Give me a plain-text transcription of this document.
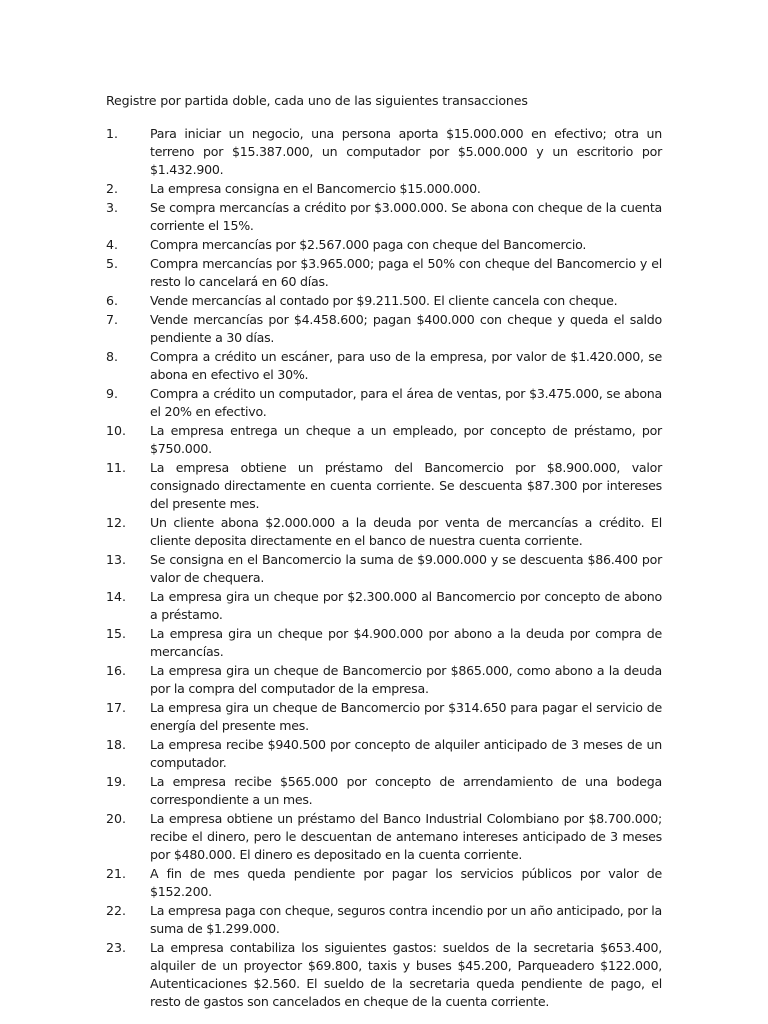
Registre por partida doble, cada uno de las siguientes transacciones
1.	Para iniciar un negocio, una persona aporta $15.000.000 en efectivo; otra un terreno por $15.387.000, un computador por $5.000.000 y un escritorio por $1.432.900.
2.	La empresa consigna en el Bancomercio $15.000.000.
3.	Se compra mercancías a crédito por $3.000.000. Se abona con cheque de la cuenta corriente el 15%.
4.	Compra mercancías por $2.567.000 paga con cheque del Bancomercio.
5.	Compra mercancías por $3.965.000; paga el 50% con cheque del Bancomercio y el resto lo cancelará en 60 días.
6.	Vende mercancías al contado por $9.211.500. El cliente cancela con cheque.
7.	Vende mercancías por $4.458.600; pagan $400.000 con cheque y queda el saldo pendiente a 30 días.
8.	Compra a crédito un escáner, para uso de la empresa, por valor de $1.420.000, se abona en efectivo el 30%.
9.	Compra a crédito un computador, para el área de ventas, por $3.475.000, se abona el 20% en efectivo.
10.	La empresa entrega un cheque a un empleado, por concepto de préstamo, por $750.000.
11.	La empresa obtiene un préstamo del Bancomercio por $8.900.000, valor consignado directamente en cuenta corriente. Se descuenta $87.300 por intereses del presente mes.
12.	Un cliente abona $2.000.000 a la deuda por venta de mercancías a crédito. El cliente deposita directamente en el banco de nuestra cuenta corriente.
13.	Se consigna en el Bancomercio la suma de $9.000.000 y se descuenta $86.400 por valor de chequera.
14.	La empresa gira un cheque por $2.300.000 al Bancomercio por concepto de abono a préstamo.
15.	La empresa gira un cheque por $4.900.000 por abono a la deuda por compra de mercancías.
16.	La empresa gira un cheque de Bancomercio por $865.000, como abono a la deuda por la compra del computador de la empresa.
17.	La empresa gira un cheque de Bancomercio por $314.650 para pagar el servicio de energía del presente mes.
18.	La empresa recibe $940.500 por concepto de alquiler anticipado de 3 meses de un computador.
19.	La empresa recibe $565.000 por concepto de arrendamiento de una bodega correspondiente a un mes.
20.	La empresa obtiene un préstamo del Banco Industrial Colombiano por $8.700.000; recibe el dinero, pero le descuentan de antemano intereses anticipado de 3 meses por $480.000. El dinero es depositado en la cuenta corriente.
21.	A fin de mes queda pendiente por pagar los servicios públicos por valor de $152.200.
22.	La empresa paga con cheque, seguros contra incendio por un año anticipado, por la suma de $1.299.000.
23.	La empresa contabiliza los siguientes gastos: sueldos de la secretaria $653.400, alquiler de un proyector $69.800, taxis y buses $45.200, Parqueadero $122.000, Autenticaciones $2.560. El sueldo de la secretaria queda pendiente de pago, el resto de gastos son cancelados en cheque de la cuenta corriente.
